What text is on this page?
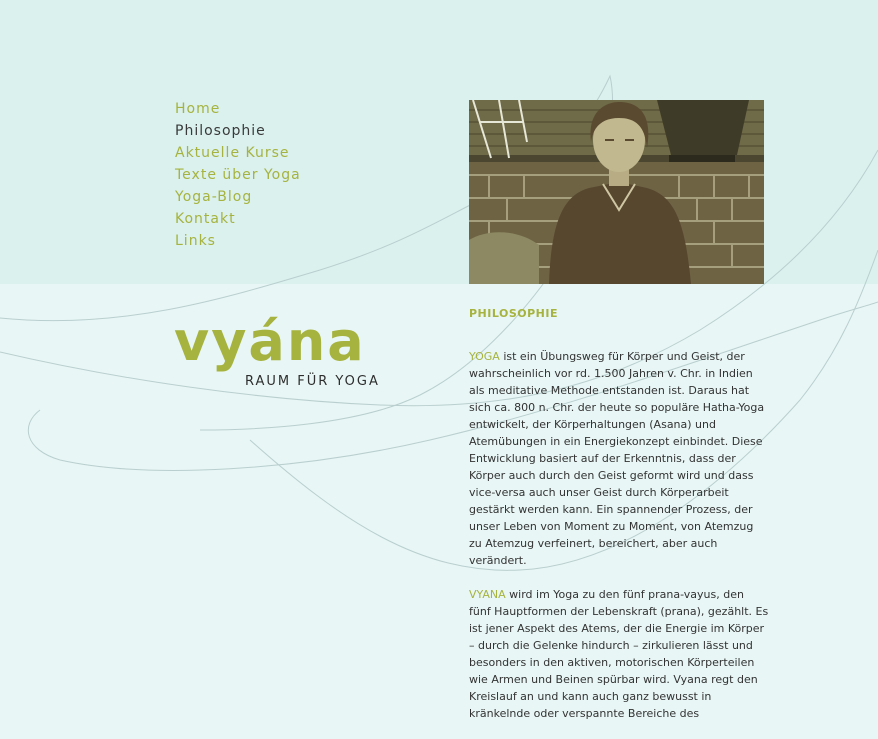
Home
Philosophie
Aktuelle Kurse
Texte über Yoga
Yoga-Blog
Kontakt
Links
vyána
RAUM FÜR YOGA
PHILOSOPHIE

YOGA ist ein Übungsweg für Körper und Geist, der wahrscheinlich vor rd. 1.500 Jahren v. Chr. in Indien als meditative Methode entstanden ist. Daraus hat sich ca. 800 n. Chr. der heute so populäre Hatha-Yoga entwickelt, der Körperhaltungen (Asana) und Atemübungen in ein Energiekonzept einbindet. Diese Entwicklung basiert auf der Erkenntnis, dass der Körper auch durch den Geist geformt wird und dass vice-versa auch unser Geist durch Körperarbeit gestärkt werden kann. Ein spannender Prozess, der unser Leben von Moment zu Moment, von Atemzug zu Atemzug verfeinert, bereichert, aber auch verändert.

VYANA wird im Yoga zu den fünf prana-vayus, den fünf Hauptformen der Lebenskraft (prana), gezählt. Es ist jener Aspekt des Atems, der die Energie im Körper – durch die Gelenke hindurch – zirkulieren lässt und besonders in den aktiven, motorischen Körperteilen wie Armen und Beinen spürbar wird. Vyana regt den Kreislauf an und kann auch ganz bewusst in kränkelnde oder verspannte Bereiche des
